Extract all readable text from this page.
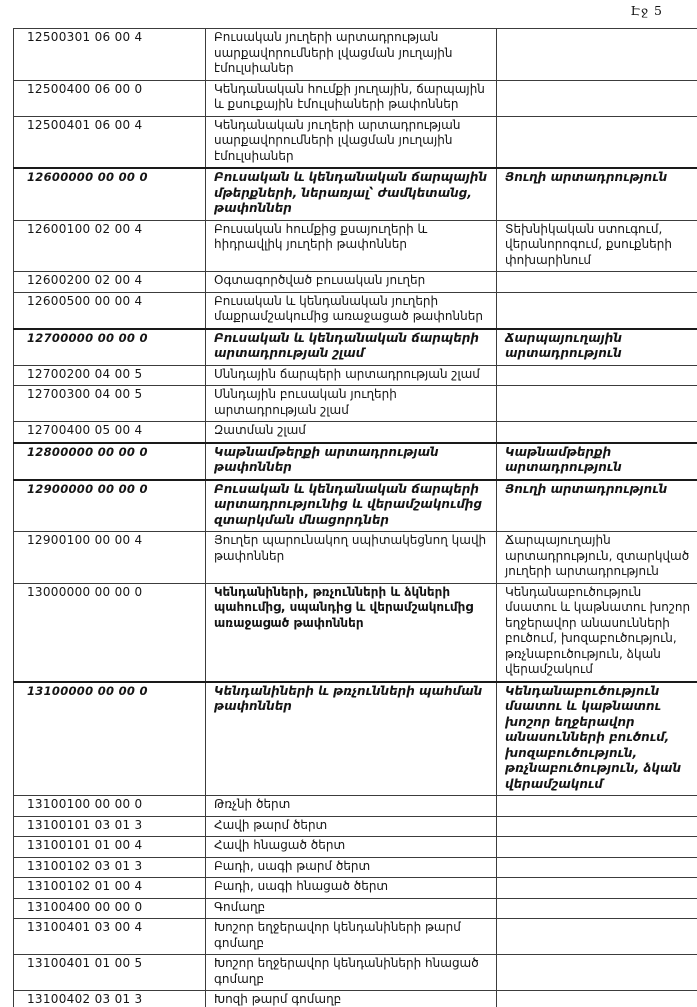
Էջ 5
12500301 06 00 4	Բուսական յուղերի արտադրության սարքավորումների լվացման յուղային էմուլսիաներ	
12500400 06 00 0	Կենդանական հումքի յուղային, ճարպային և քսուքային էմուլսիաների թափոններ	
12500401 06 00 4	Կենդանական յուղերի արտադրության սարքավորումների լվացման յուղային էմուլսիաներ	
12600000 00 00 0	Բուսական և կենդանական ճարպային մթերքների, ներառյալ՝ ժամկետանց, թափոններ	Յուղի արտադրություն
12600100 02 00 4	Բուսական հումքից քսայուղերի և հիդրավլիկ յուղերի թափոններ	Տեխնիկական ստուգում, վերանորոգում, քսուքների փոխարինում
12600200 02 00 4	Օգտագործված բուսական յուղեր	
12600500 00 00 4	Բուսական և կենդանական յուղերի մաքրամշակումից առաջացած թափոններ	
12700000 00 00 0	Բուսական և կենդանական ճարպերի արտադրության շլամ	Ճարպայուղային արտադրություն
12700200 04 00 5	Սննդային ճարպերի արտադրության շլամ	
12700300 04 00 5	Սննդային բուսական յուղերի արտադրության շլամ	
12700400 05 00 4	Զատման շլամ	
12800000 00 00 0	Կաթնամթերքի արտադրության թափոններ	Կաթնամթերքի արտադրություն
12900000 00 00 0	Բուսական և կենդանական ճարպերի արտադրությունից և վերամշակումից զտարկման մնացորդներ	Յուղի արտադրություն
12900100 00 00 4	Յուղեր պարունակող սպիտակեցնող կավի թափոններ	Ճարպայուղային արտադրություն, զտարկված յուղերի արտադրություն
13000000 00 00 0	Կենդանիների, թռչունների և ձկների պահումից, սպանդից և վերամշակումից առաջացած թափոններ	Կենդանաբուծություն մսատու և կաթնատու խոշոր եղջերավոր անասունների բուծում, խոզաբուծություն, թռչնաբուծություն, ձկան վերամշակում
13100000 00 00 0	Կենդանիների և թռչունների պահման թափոններ	Կենդանաբուծություն մսատու և կաթնատու խոշոր եղջերավոր անասունների բուծում, խոզաբուծություն, թռչնաբուծություն, ձկան վերամշակում
13100100 00 00 0	Թռչնի ծերտ	
13100101 03 01 3	Հավի թարմ ծերտ	
13100101 01 00 4	Հավի հնացած ծերտ	
13100102 03 01 3	Բադի, սագի թարմ ծերտ	
13100102 01 00 4	Բադի, սագի հնացած ծերտ	
13100400 00 00 0	Գոմաղբ	
13100401 03 00 4	Խոշոր եղջերավոր կենդանիների թարմ գոմաղբ	
13100401 01 00 5	Խոշոր եղջերավոր կենդանիների հնացած գոմաղբ	
13100402 03 01 3	Խոզի թարմ գոմաղբ	
